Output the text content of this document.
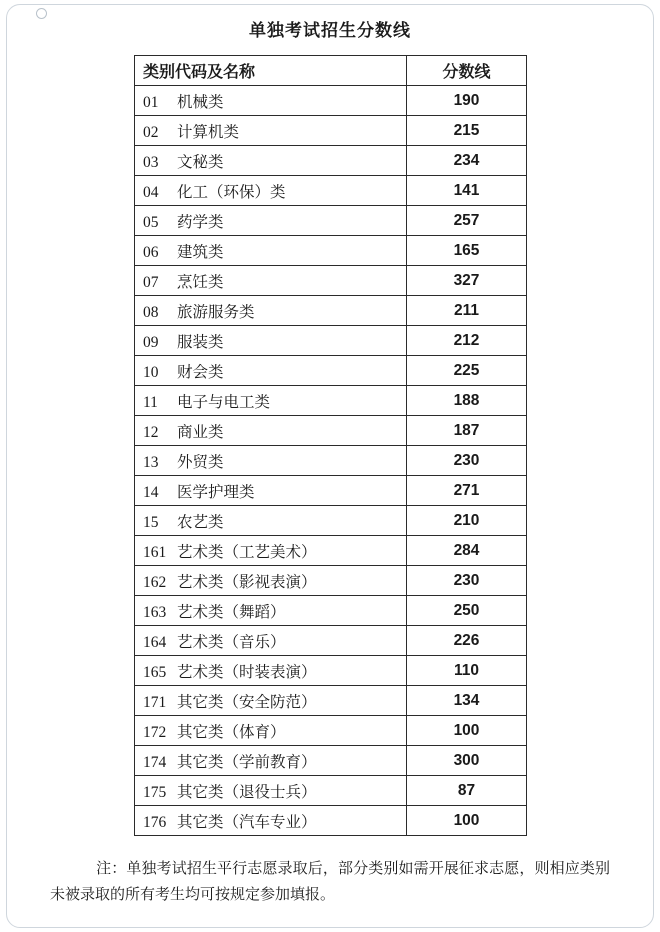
单独考试招生分数线
类别代码及名称	分数线
01 机械类	190
02 计算机类	215
03 文秘类	234
04 化工（环保）类	141
05 药学类	257
06 建筑类	165
07 烹饪类	327
08 旅游服务类	211
09 服装类	212
10 财会类	225
11 电子与电工类	188
12 商业类	187
13 外贸类	230
14 医学护理类	271
15 农艺类	210
161 艺术类（工艺美术）	284
162 艺术类（影视表演）	230
163 艺术类（舞蹈）	250
164 艺术类（音乐）	226
165 艺术类（时装表演）	110
171 其它类（安全防范）	134
172 其它类（体育）	100
174 其它类（学前教育）	300
175 其它类（退役士兵）	87
176 其它类（汽车专业）	100
注：单独考试招生平行志愿录取后，部分类别如需开展征求志愿，则相应类别未被录取的所有考生均可按规定参加填报。
